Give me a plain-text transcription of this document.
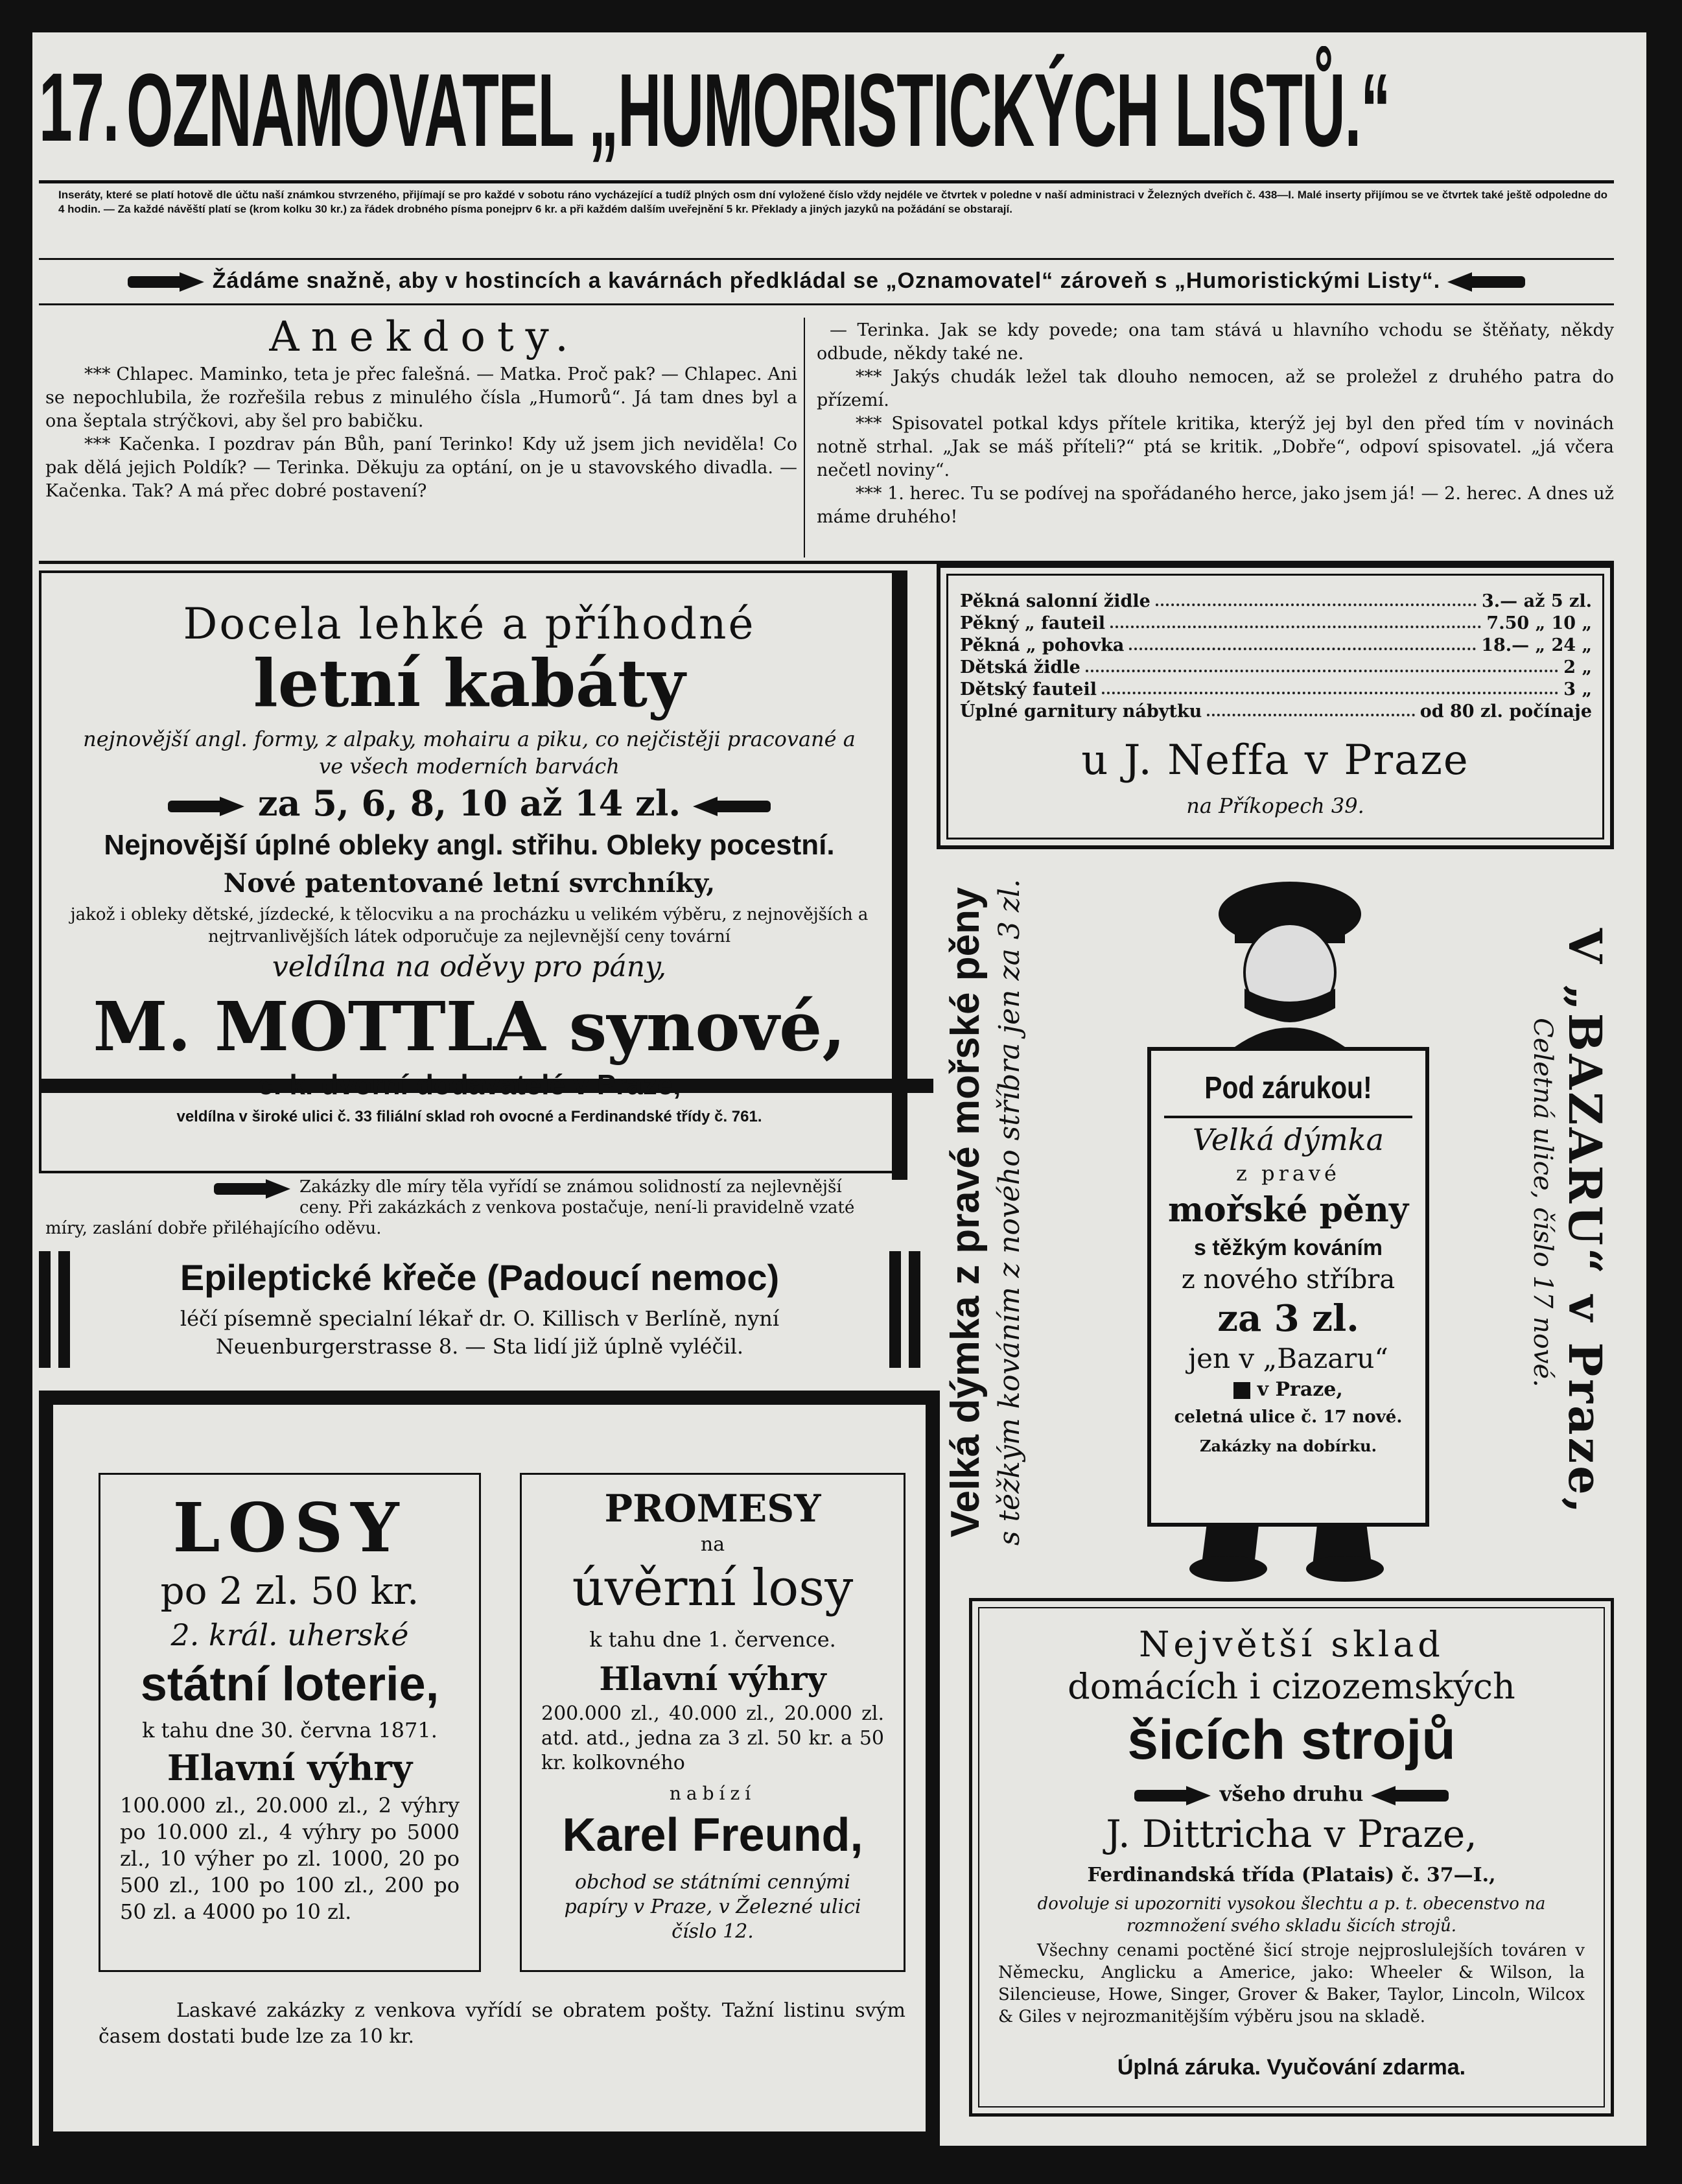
17. OZNAMOVATEL „HUMORISTICKÝCH LISTŮ.“
Inseráty, které se platí hotově dle účtu naší známkou stvrzeného, přijímají se pro každé v sobotu ráno vycházející a tudíž plných osm dní vyložené číslo vždy nejdéle ve čtvrtek v poledne v naší administraci v Železných dveřích č. 438—I. Malé inserty přijímou se ve čtvrtek také ještě odpoledne do 4 hodin. — Za každé návěští platí se (krom kolku 30 kr.) za řádek drobného písma ponejprv 6 kr. a při každém dalším uveřejnění 5 kr. Překlady a jiných jazyků na požádání se obstarají.
Žádáme snažně, aby v hostincích a kavárnách předkládal se „Oznamovatel“ zároveň s „Humoristickými Listy“.
Anekdoty.

*** Chlapec. Maminko, teta je přec falešná. — Matka. Proč pak? — Chlapec. Ani se nepochlubila, že rozřešila rebus z minulého čísla „Humorů“. Já tam dnes byl a ona šeptala strýčkovi, aby šel pro babičku.

*** Kačenka. I pozdrav pán Bůh, paní Terinko! Kdy už jsem jich neviděla! Co pak dělá jejich Poldík? — Terinka. Děkuju za optání, on je u stavovského divadla. — Kačenka. Tak? A má přec dobré postavení?

— Terinka. Jak se kdy povede; ona tam stává u hlavního vchodu se štěňaty, někdy odbude, někdy také ne.

*** Jakýs chudák ležel tak dlouho nemocen, až se proležel z druhého patra do přízemí.

*** Spisovatel potkal kdys přítele kritika, kterýž jej byl den před tím v novinách notně strhal. „Jak se máš příteli?“ ptá se kritik. „Dobře“, odpoví spisovatel. „já včera nečetl noviny“.

*** 1. herec. Tu se podívej na spořádaného herce, jako jsem já! — 2. herec. A dnes už máme druhého!

Docela lehké a příhodné
letní kabáty
nejnovější angl. formy, z alpaky, mohairu a piku, co nejčistěji pracované a ve všech moderních barvách
za 5, 6, 8, 10 až 14 zl.
Nejnovější úplné obleky angl. střihu. Obleky pocestní.
Nové patentované letní svrchníky,
jakož i obleky dětské, jízdecké, k tělocviku a na procházku u velikém výběru, z nejnovějších a nejtrvanlivějších látek odporučuje za nejlevnější ceny tovární
veldílna na oděvy pro pány,
M. MOTTLA synové,
c. k. dvorní dodavatelé v Praze,
veldílna v široké ulici č. 33 filiální sklad roh ovocné a Ferdinandské třídy č. 761.
Zakázky dle míry těla vyřídí se známou solidností za nejlevnější ceny. Při zakázkách z venkova postačuje, není-li pravidelně vzaté míry, zaslání dobře přiléhajícího oděvu.
Pěkná salonní židle	3.— až 5 zl.
Pěkný „ fauteil	7.50 „ 10 „
Pěkná „ pohovka	18.— „ 24 „
Dětská židle	2 „
Dětský fauteil	3 „
Úplné garnitury nábytku	od 80 zl. počínaje
u J. Neffa v Praze
na Příkopech 39.
Velká dýmka z pravé mořské pěny s těžkým kováním z nového stříbra jen za 3 zl.	V „BAZARU“ v Praze,
Celetná ulice, číslo 17 nové.
Pod zárukou!
Velká dýmka
z pravé
mořské pěny
s těžkým kováním
z nového stříbra
za 3 zl.
jen v „Bazaru“
v Praze,
celetná ulice č. 17 nové.
Zakázky na dobírku.
Epileptické křeče (Padoucí nemoc)
léčí písemně specialní lékař dr. O. Killisch v Berlíně, nyní
Neuenburgerstrasse 8. — Sta lidí již úplně vyléčil.
LOSY
po 2 zl. 50 kr.
2. král. uherské
státní loterie,
k tahu dne 30. června 1871.
Hlavní výhry
100.000 zl., 20.000 zl., 2 výhry po 10.000 zl., 4 výhry po 5000 zl., 10 výher po zl. 1000, 20 po 500 zl., 100 po 100 zl., 200 po 50 zl. a 4000 po 10 zl.
PROMESY
na
úvěrní losy
k tahu dne 1. července.
Hlavní výhry
200.000 zl., 40.000 zl., 20.000 zl. atd. atd., jedna za 3 zl. 50 kr. a 50 kr. kolkovného
nabízí
Karel Freund,
obchod se státními cennými papíry v Praze, v Železné ulici číslo 12.
Laskavé zakázky z venkova vyřídí se obratem pošty. Tažní listinu svým časem dostati bude lze za 10 kr.
Největší sklad
domácích i cizozemských
šicích strojů
všeho druhu
J. Dittricha v Praze,
Ferdinandská třída (Platais) č. 37—I.,
dovoluje si upozorniti vysokou šlechtu a p. t. obecenstvo na rozmnožení svého skladu šicích strojů.
Všechny cenami poctěné šicí stroje nejproslulejších továren v Německu, Anglicku a Americe, jako: Wheeler & Wilson, la Silencieuse, Howe, Singer, Grover & Baker, Taylor, Lincoln, Wilcox & Giles v nejrozmanitějším výběru jsou na skladě.
Úplná záruka. Vyučování zdarma.
